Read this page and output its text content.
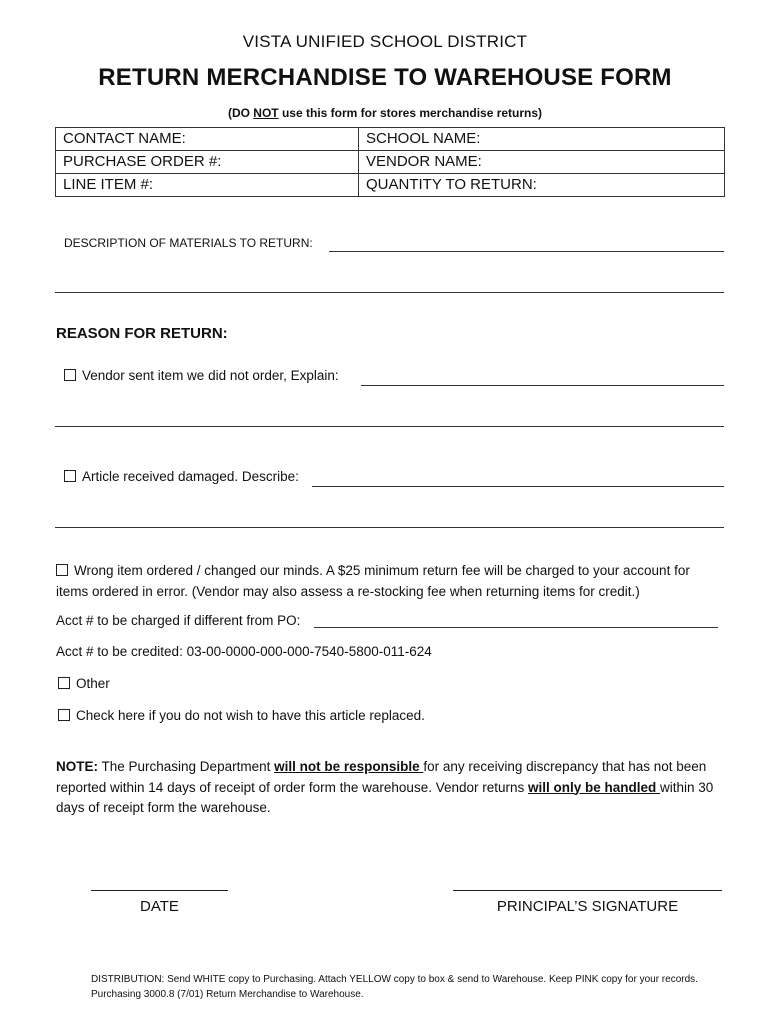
VISTA UNIFIED SCHOOL DISTRICT
RETURN MERCHANDISE TO WAREHOUSE FORM
(DO NOT use this form for stores merchandise returns)
CONTACT NAME:	SCHOOL NAME:
PURCHASE ORDER #:	VENDOR NAME:
LINE ITEM #:	QUANTITY TO RETURN:
DESCRIPTION OF MATERIALS TO RETURN:
REASON FOR RETURN:
Vendor sent item we did not order, Explain:
Article received damaged. Describe:
Wrong item ordered / changed our minds. A $25 minimum return fee will be charged to your account for
items ordered in error. (Vendor may also assess a re-stocking fee when returning items for credit.)
Acct # to be charged if different from PO:
Acct # to be credited: 03-00-0000-000-000-7540-5800-011-624
Other
Check here if you do not wish to have this article replaced.
NOTE: The Purchasing Department will not be responsible for any receiving discrepancy that has not been reported within 14 days of receipt of order form the warehouse. Vendor returns will only be handled within 30 days of receipt form the warehouse.
DATE	PRINCIPAL’S SIGNATURE
DISTRIBUTION: Send WHITE copy to Purchasing. Attach YELLOW copy to box & send to Warehouse. Keep PINK copy for your records.
Purchasing 3000.8 (7/01) Return Merchandise to Warehouse.
